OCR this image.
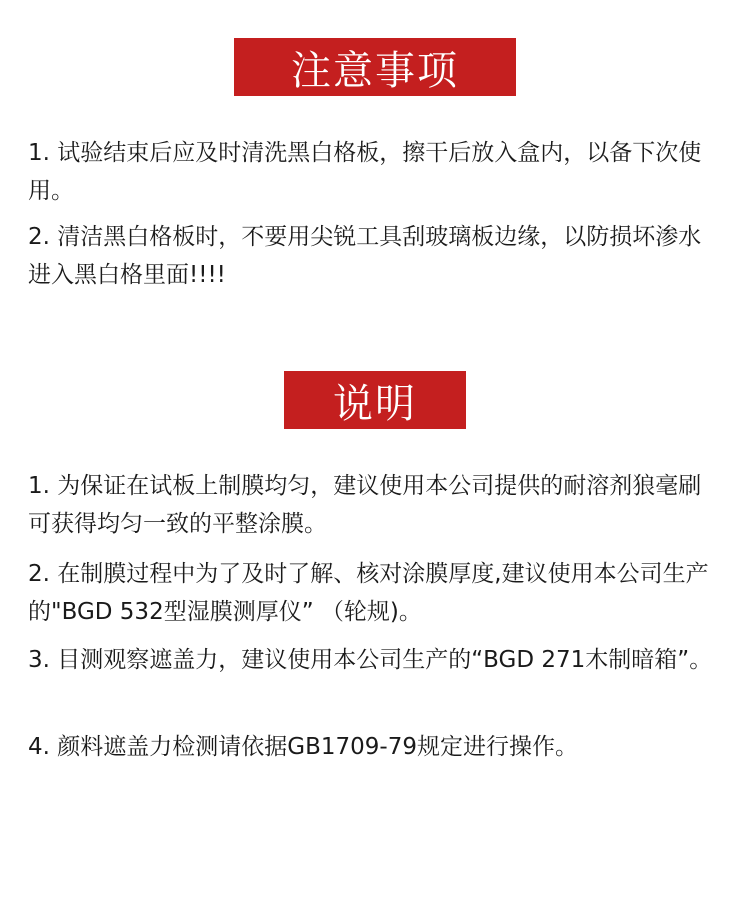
注意事项
1. 试验结束后应及时清洗黑白格板，擦干后放入盒内，以备下次使用。
2. 清洁黑白格板时，不要用尖锐工具刮玻璃板边缘，以防损坏渗水进入黑白格里面!!!!
说明
1. 为保证在试板上制膜均匀，建议使用本公司提供的耐溶剂狼毫刷可获得均匀一致的平整涂膜。
2. 在制膜过程中为了及时了解、核对涂膜厚度,建议使用本公司生产的"BGD 532型湿膜测厚仪” （轮规)。
3. 目测观察遮盖力，建议使用本公司生产的“BGD 271木制暗箱”。
4. 颜料遮盖力检测请依据GB1709-79规定进行操作。
